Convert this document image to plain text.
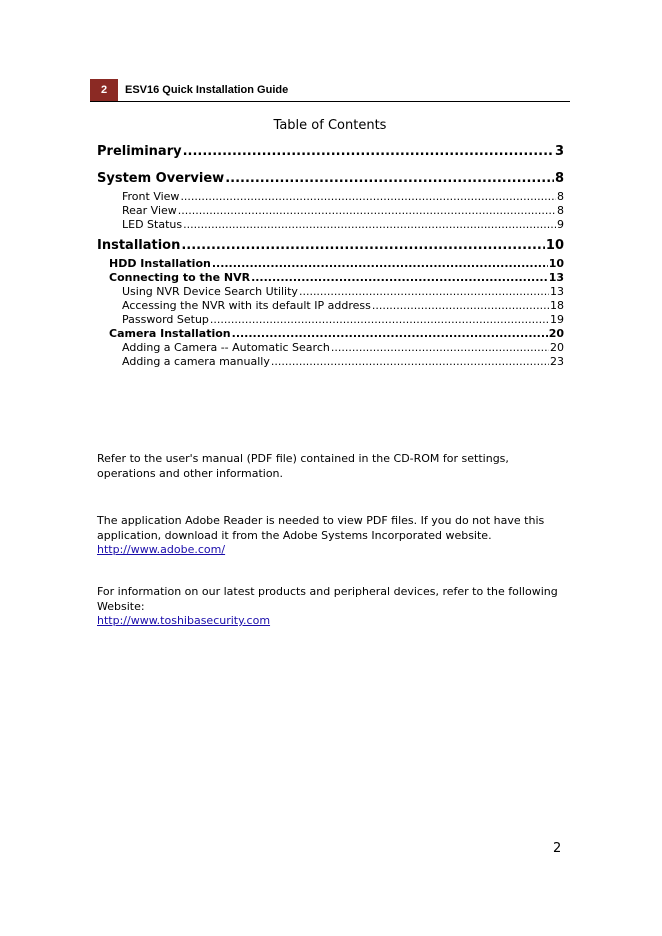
2	ESV16 Quick Installation Guide
Table of Contents
Preliminary .....	3
System Overview .....	8
Front View .....	8
Rear View .....	8
LED Status .....	9
Installation .....	10
HDD Installation .....	10
Connecting to the NVR .....	13
Using NVR Device Search Utility .....	13
Accessing the NVR with its default IP address .....	18
Password Setup .....	19
Camera Installation .....	20
Adding a Camera -- Automatic Search .....	20
Adding a camera manually .....	23

Refer to the user's manual (PDF file) contained in the CD-ROM for settings, operations and other information.

The application Adobe Reader is needed to view PDF files. If you do not have this application, download it from the Adobe Systems Incorporated website.
http://www.adobe.com/
For information on our latest products and peripheral devices, refer to the following Website:
http://www.toshibasecurity.com
2
